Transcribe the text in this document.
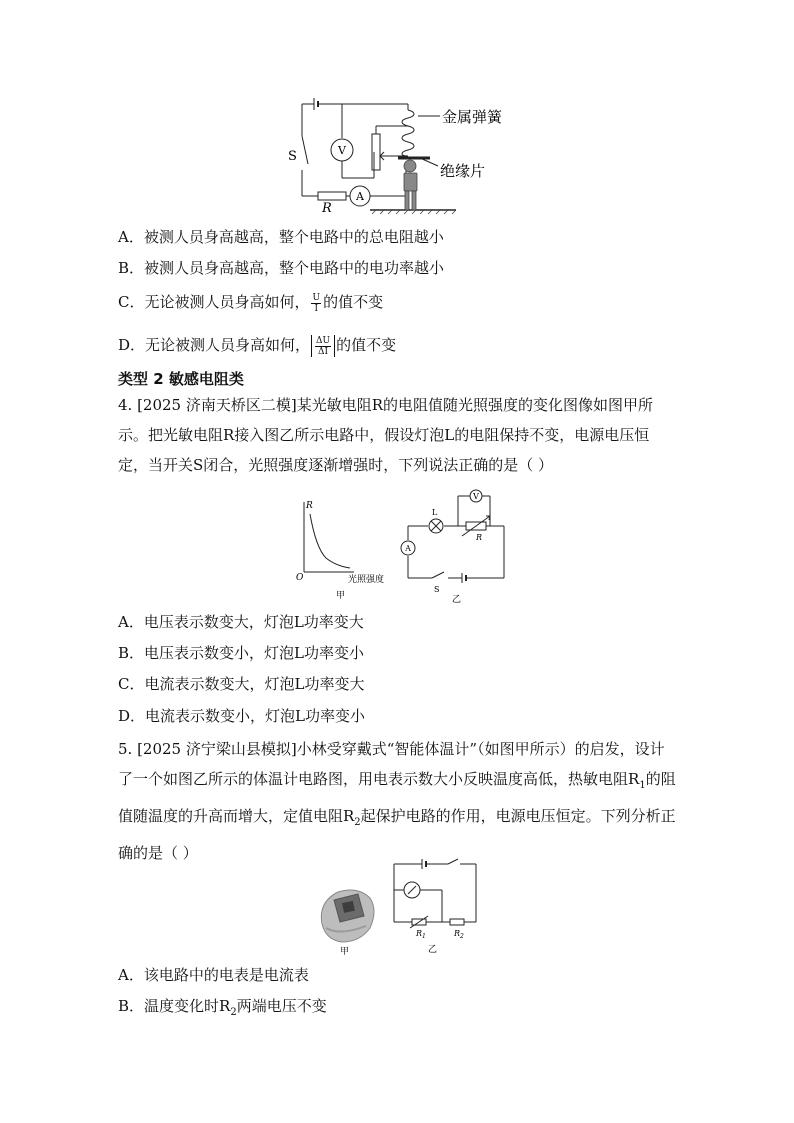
V
A
S
R
金属弹簧
绝缘片
A．被测人员身高越高，整个电路中的总电阻越小
B．被测人员身高越高，整个电路中的电功率越小
C．无论被测人员身高如何， $\frac{U}{I}$ 的值不变
D．无论被测人员身高如何， $\frac{\Delta U}{\Delta I}$ 的值不变
类型 2 敏感电阻类
4. [2025 济南天桥区二模]某光敏电阻R的电阻值随光照强度的变化图像如图甲所示。把光敏电阻R接入图乙所示电路中，假设灯泡L的电阻保持不变，电源电压恒定，当开关S闭合，光照强度逐渐增强时，下列说法正确的是（ ）
R
O	光照强度
甲
V
A
L
R
S
乙
A．电压表示数变大，灯泡L功率变大
B．电压表示数变小，灯泡L功率变小
C．电流表示数变大，灯泡L功率变大
D．电流表示数变小，灯泡L功率变小
5. [2025 济宁梁山县模拟]小林受穿戴式“智能体温计”（如图甲所示）的启发，设计了一个如图乙所示的体温计电路图，用电表示数大小反映温度高低，热敏电阻$R_1$的阻值随温度的升高而增大，定值电阻$R_2$起保护电路的作用，电源电压恒定。下列分析正确的是（ ）
甲
$R_1$	$R_2$
乙
A．该电路中的电表是电流表
B．温度变化时$R_2$两端电压不变
